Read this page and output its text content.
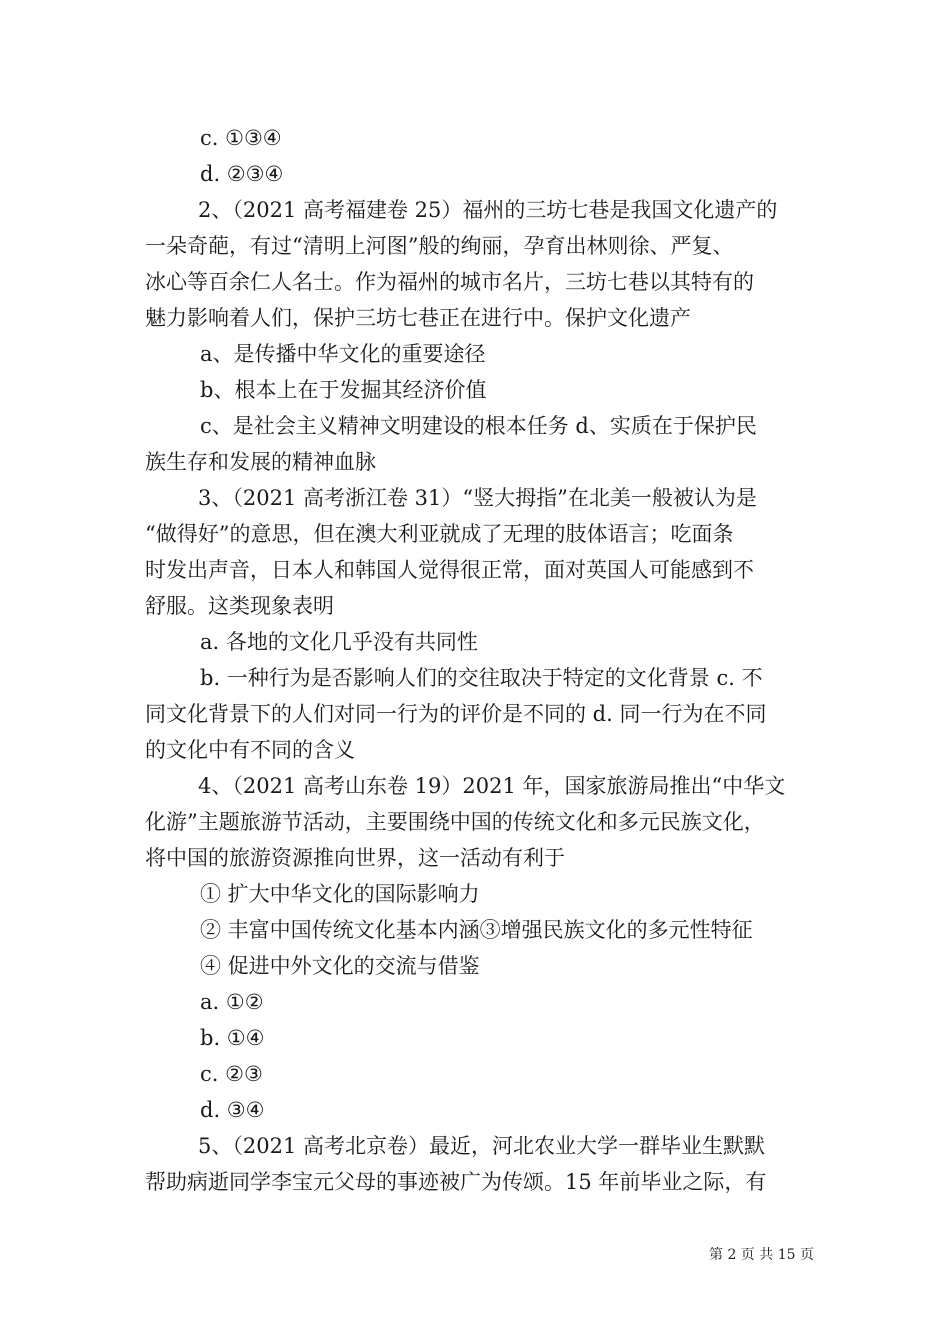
c. ①③④
d. ②③④
2、（2021 高考福建卷 25）福州的三坊七巷是我国文化遗产的
一朵奇葩，有过“清明上河图”般的绚丽，孕育出林则徐、严复、
冰心等百余仁人名士。作为福州的城市名片，三坊七巷以其特有的
魅力影响着人们，保护三坊七巷正在进行中。保护文化遗产
a、是传播中华文化的重要途径
b、根本上在于发掘其经济价值
c、是社会主义精神文明建设的根本任务 d、实质在于保护民
族生存和发展的精神血脉
3、（2021 高考浙江卷 31）“竖大拇指”在北美一般被认为是
“做得好”的意思，但在澳大利亚就成了无理的肢体语言；吃面条
时发出声音，日本人和韩国人觉得很正常，面对英国人可能感到不
舒服。这类现象表明
a. 各地的文化几乎没有共同性
b. 一种行为是否影响人们的交往取决于特定的文化背景 c. 不
同文化背景下的人们对同一行为的评价是不同的 d. 同一行为在不同
的文化中有不同的含义
4、（2021 高考山东卷 19）2021 年，国家旅游局推出“中华文
化游”主题旅游节活动，主要围绕中国的传统文化和多元民族文化，
将中国的旅游资源推向世界，这一活动有利于
① 扩大中华文化的国际影响力
② 丰富中国传统文化基本内涵③增强民族文化的多元性特征
④ 促进中外文化的交流与借鉴
a. ①②
b. ①④
c. ②③
d. ③④
5、（2021 高考北京卷）最近，河北农业大学一群毕业生默默
帮助病逝同学李宝元父母的事迹被广为传颂。15 年前毕业之际，有
第 2 页 共 15 页
